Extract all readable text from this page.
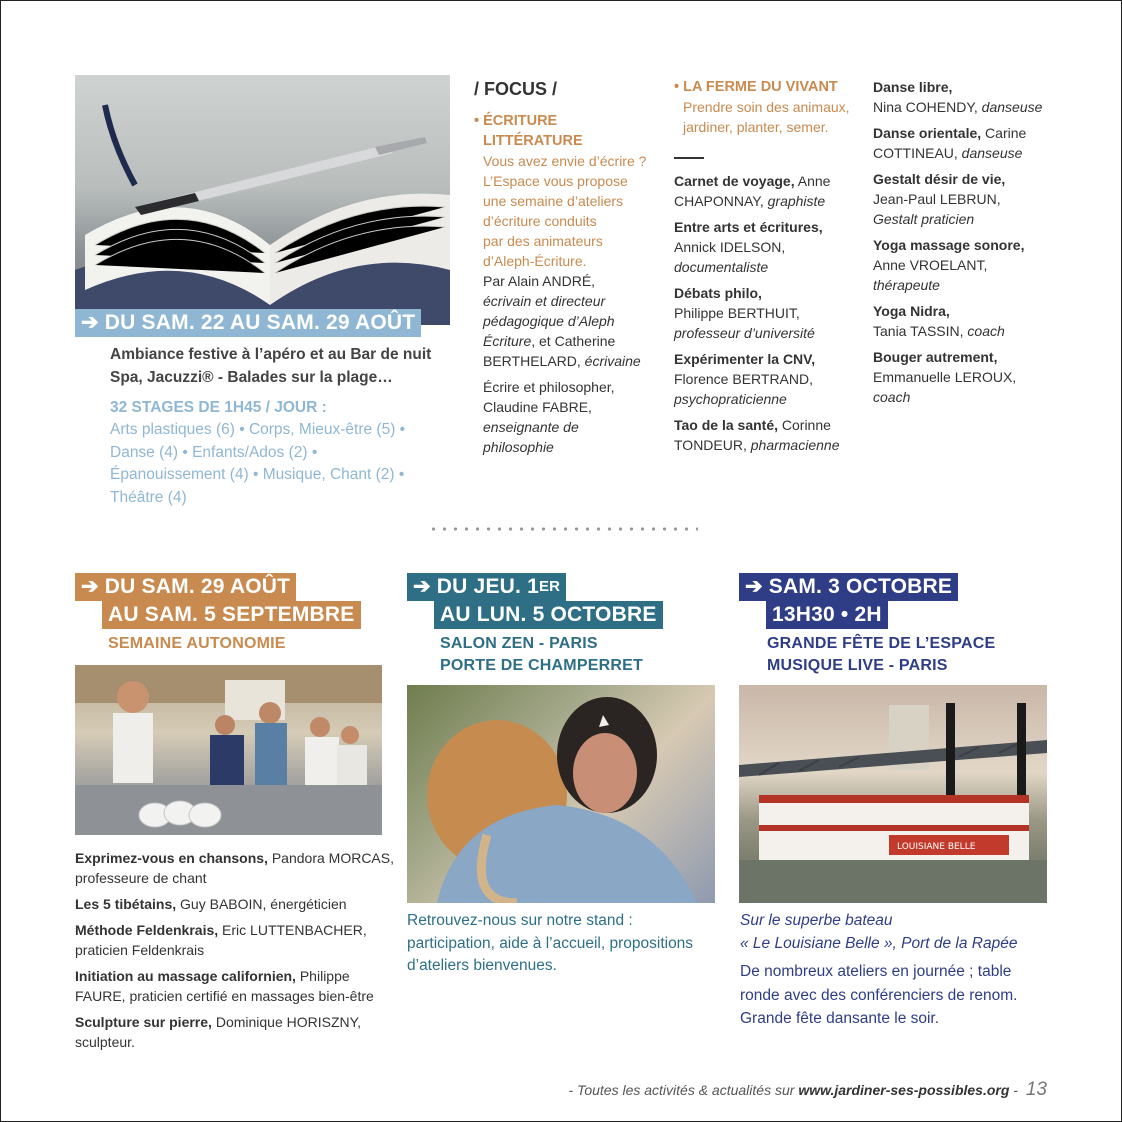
➔ DU SAM. 22 AU SAM. 29 AOÛT
Ambiance festive à l’apéro et au Bar de nuit
Spa, Jacuzzi® - Balades sur la plage…
32 STAGES DE 1H45 / JOUR :
Arts plastiques (6) • Corps, Mieux-être (5) •
Danse (4) • Enfants/Ados (2) •
Épanouissement (4) • Musique, Chant (2) •
Théâtre (4)
/ FOCUS /
• ÉCRITURE
LITTÉRATURE
Vous avez envie d’écrire ?
L’Espace vous propose
une semaine d’ateliers
d’écriture conduits
par des animateurs
d’Aleph-Écriture.
Par Alain ANDRÉ,
écrivain et directeur
pédagogique d’Aleph
Écriture, et Catherine
BERTHELARD, écrivaine
Écrire et philosopher,
Claudine FABRE,
enseignante de
philosophie
• LA FERME DU VIVANT
Prendre soin des animaux,
jardiner, planter, semer.

Carnet de voyage, Anne
CHAPONNAY, graphiste

Entre arts et écritures,
Annick IDELSON,
documentaliste

Débats philo,
Philippe BERTHUIT,
professeur d’université

Expérimenter la CNV,
Florence BERTRAND,
psychopraticienne

Tao de la santé, Corinne
TONDEUR, pharmacienne

Danse libre,
Nina COHENDY, danseuse

Danse orientale, Carine
COTTINEAU, danseuse

Gestalt désir de vie,
Jean-Paul LEBRUN,
Gestalt praticien

Yoga massage sonore,
Anne VROELANT,
thérapeute

Yoga Nidra,
Tania TASSIN, coach

Bouger autrement,
Emmanuelle LEROUX,
coach

➔ DU SAM. 29 AOÛT
AU SAM. 5 SEPTEMBRE
SEMAINE AUTONOMIE

Exprimez-vous en chansons, Pandora MORCAS,
professeure de chant

Les 5 tibétains, Guy BABOIN, énergéticien

Méthode Feldenkrais, Eric LUTTENBACHER,
praticien Feldenkrais

Initiation au massage californien, Philippe
FAURE, praticien certifié en massages bien-être

Sculpture sur pierre, Dominique HORISZNY,
sculpteur.

➔ DU JEU. 1ER
AU LUN. 5 OCTOBRE
SALON ZEN - PARIS
PORTE DE CHAMPERRET
Retrouvez-nous sur notre stand :
participation, aide à l’accueil, propositions
d’ateliers bienvenues.
➔ SAM. 3 OCTOBRE
13H30 • 2H
GRANDE FÊTE DE L’ESPACE
MUSIQUE LIVE - PARIS
LOUISIANE BELLE
Sur le superbe bateau
« Le Louisiane Belle », Port de la Rapée
De nombreux ateliers en journée ; table
ronde avec des conférenciers de renom.
Grande fête dansante le soir.
- Toutes les activités & actualités sur www.jardiner-ses-possibles.org - 13
